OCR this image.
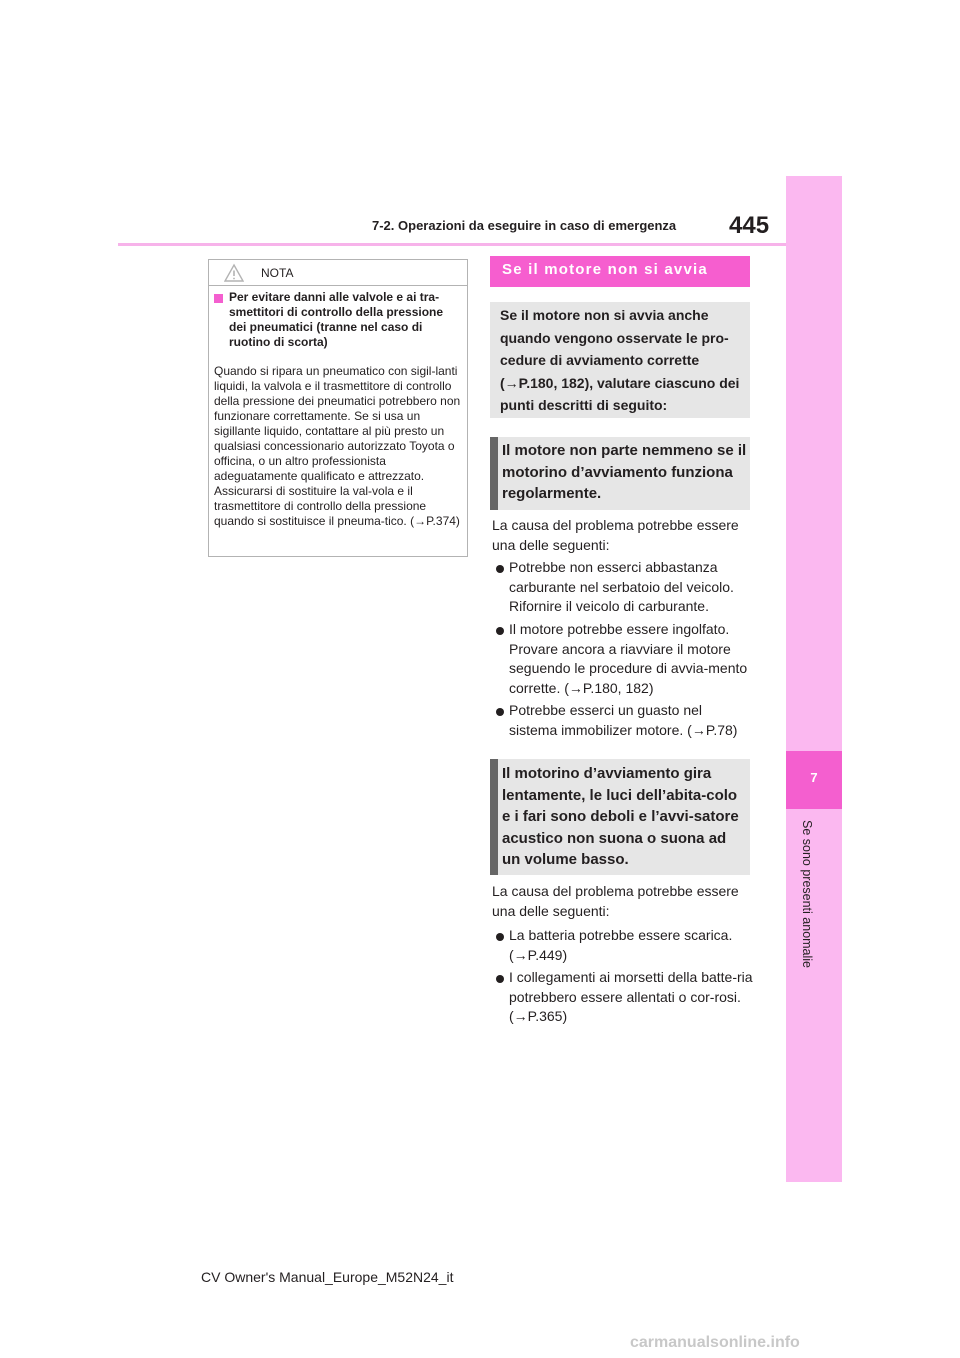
7-2. Operazioni da eseguire in caso di emergenza 445
7
Se sono presenti anomalie
NOTA
Per evitare danni alle valvole e ai tra-smettitori di controllo della pressione dei pneumatici (tranne nel caso di ruotino di scorta)
Quando si ripara un pneumatico con sigil-lanti liquidi, la valvola e il trasmettitore di controllo della pressione dei pneumatici potrebbero non funzionare correttamente. Se si usa un sigillante liquido, contattare al più presto un qualsiasi concessionario autorizzato Toyota o officina, o un altro professionista adeguatamente qualificato e attrezzato. Assicurarsi di sostituire la val-vola e il trasmettitore di controllo della pressione quando si sostituisce il pneuma-tico. (→P.374)
Se il motore non si avvia
Se il motore non si avvia anche quando vengono osservate le pro-cedure di avviamento corrette (→P.180, 182), valutare ciascuno dei punti descritti di seguito:
Il motore non parte nemmeno se il motorino d’avviamento funziona regolarmente.
La causa del problema potrebbe essere una delle seguenti:
Potrebbe non esserci abbastanza carburante nel serbatoio del veicolo. Rifornire il veicolo di carburante.
Il motore potrebbe essere ingolfato. Provare ancora a riavviare il motore seguendo le procedure di avvia-mento corrette. (→P.180, 182)
Potrebbe esserci un guasto nel sistema immobilizer motore. (→P.78)
Il motorino d’avviamento gira lentamente, le luci dell’abita-colo e i fari sono deboli e l’avvi-satore acustico non suona o suona ad un volume basso.
La causa del problema potrebbe essere una delle seguenti:
La batteria potrebbe essere scarica. (→P.449)
I collegamenti ai morsetti della batte-ria potrebbero essere allentati o cor-rosi. (→P.365)
CV Owner's Manual_Europe_M52N24_it
carmanualsonline.info
